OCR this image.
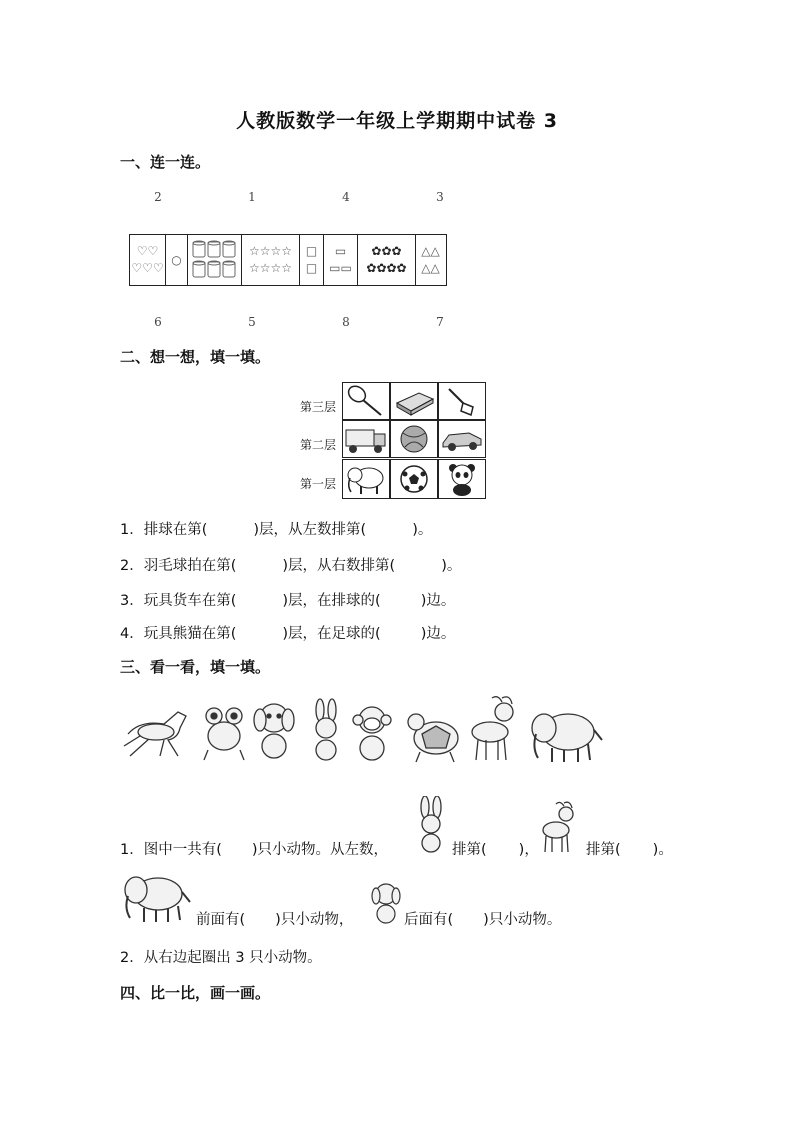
人教版数学一年级上学期期中试卷 3
一、连一连。
2	1	4	3
♡♡
♡♡♡
○
☆☆☆☆
☆☆☆☆
□
□
▭
▭▭
✿✿✿
✿✿✿✿
△△
△△
6	5	8	7
二、想一想，填一填。
第三层
第二层
第一层
1．排球在第(	)层，从左数排第(	)。
2．羽毛球拍在第(	)层，从右数排第(	)。
3．玩具货车在第(	)层，在排球的(	)边。
4．玩具熊猫在第(	)层，在足球的(	)边。
三、看一看，填一填。
1．图中一共有( )只小动物。从左数，	排第( )，	排第( )。
前面有( )只小动物，	后面有( )只小动物。
2．从右边起圈出 3 只小动物。
四、比一比，画一画。
